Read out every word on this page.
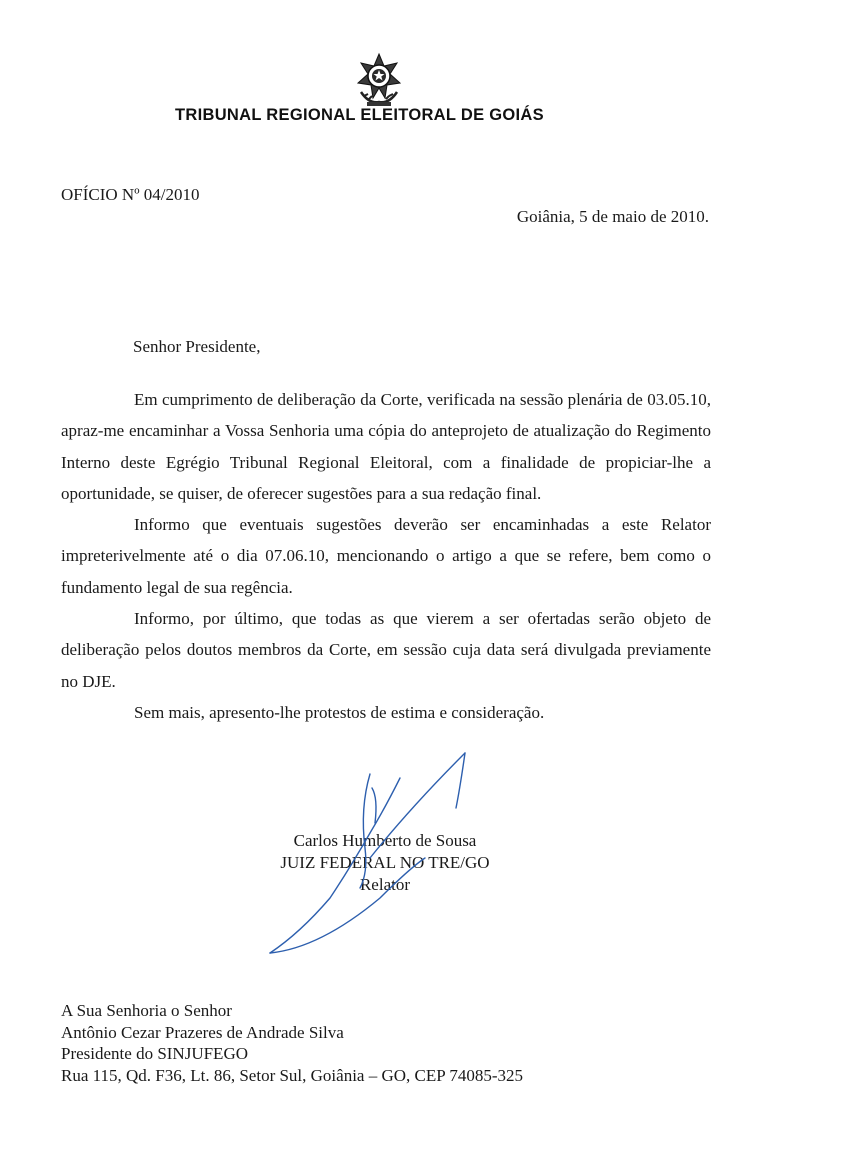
TRIBUNAL REGIONAL ELEITORAL DE GOIÁS
OFÍCIO Nº 04/2010
Goiânia, 5 de maio de 2010.
Senhor Presidente,

Em cumprimento de deliberação da Corte, verificada na sessão plenária de 03.05.10, apraz-me encaminhar a Vossa Senhoria uma cópia do anteprojeto de atualização do Regimento Interno deste Egrégio Tribunal Regional Eleitoral, com a finalidade de propiciar-lhe a oportunidade, se quiser, de oferecer sugestões para a sua redação final.

Informo que eventuais sugestões deverão ser encaminhadas a este Relator impreterivelmente até o dia 07.06.10, mencionando o artigo a que se refere, bem como o fundamento legal de sua regência.

Informo, por último, que todas as que vierem a ser ofertadas serão objeto de deliberação pelos doutos membros da Corte, em sessão cuja data será divulgada previamente no DJE.

Sem mais, apresento-lhe protestos de estima e consideração.

Carlos Humberto de Sousa
JUIZ FEDERAL NO TRE/GO
Relator
A Sua Senhoria o Senhor
Antônio Cezar Prazeres de Andrade Silva
Presidente do SINJUFEGO
Rua 115, Qd. F36, Lt. 86, Setor Sul, Goiânia – GO, CEP 74085-325
